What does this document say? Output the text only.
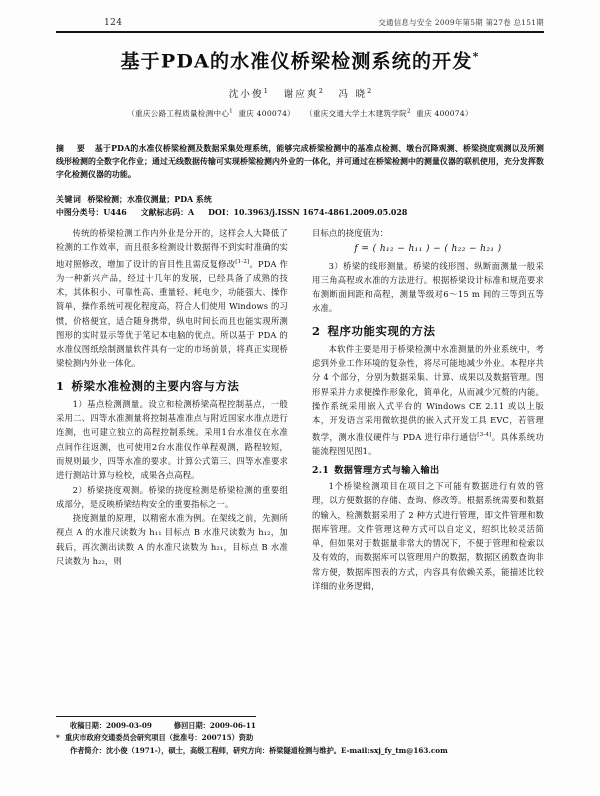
124	交通信息与安全 2009年第5期 第27卷 总151期
基于PDA的水准仪桥梁检测系统的开发*
沈小俊$^1$ 谢应爽$^2$ 冯 晓$^2$
（重庆公路工程质量检测中心$^1$ 重庆 400074） （重庆交通大学土木建筑学院$^2$ 重庆 400074）

摘 要 基于PDA的水准仪桥梁检测及数据采集处理系统，能够完成桥梁检测中的基准点检测、墩台沉降观测、桥梁挠度观测以及所测线形检测的全数字化作业；通过无线数据传输可实现桥梁检测内外业的一体化，并可通过在桥梁检测中的测量仪器的联机使用，充分发挥数字化检测仪器的功能。

关键词 桥梁检测；水准仪测量；PDA 系统
中图分类号：U446 文献标志码：A DOI：10.3963/j.ISSN 1674-4861.2009.05.028

传统的桥梁检测工作内外业是分开的，这样会人大降低了检测的工作效率，而且很多检测设计数据得不到实时准确的实地对照修改，增加了设计的盲目性且需反复修改[1-2]。PDA 作为一种新兴产品，经过十几年的发展，已经具备了成熟的技术，其体积小、可靠性高、重量轻、耗电少，功能强大、操作简单，操作系统可视化程度高，符合人们使用 Windows 的习惯，价格便宜，适合随身携带，纵电时间长而且也能实现所测图形的实时显示等优于笔记本电脑的优点。所以基于 PDA 的水准仪图纸绘制测量软件具有一定的市场前景，将真正实现桥梁检测内外业一体化。

1 桥梁水准检测的主要内容与方法

1）基点检测测量。设立和检测桥梁高程控制基点，一般采用二、四等水准测量将控制基准准点与附近国家水准点进行连测，也可建立独立的高程控制系统。采用1台水准仪在水准点间作往返测，也可使用2台水准仪作单程观测，路程较短，而规则最少，四等水准的要求。计算公式第三、四等水准要求进行测站计算与检校，成果各点高程。

2）桥梁挠度观测。桥梁的挠度检测是桥梁检测的重要组成部分，是反映桥梁结构安全的重要指标之一。

挠度测量的原理，以精密水准为例。在架线之前，先测所视点 A 的水准尺读数为 h₁₁ 目标点 B 水准尺读数为 h₁₂，加载后，再次测出读数 A 的水准尺读数为 h₂₁，目标点 B 水准尺读数为 h₂₂，则

目标点的挠度值为：

f = ( h₁₂ − h₁₁ ) − ( h₂₂ − h₂₁ )

3）桥梁的线形测量。桥梁的线形图、纵断面测量一般采用三角高程或水准的方法进行。根据桥梁设计标准和规范要求布测断面间距和高程，测量等级对6～15 m 间的三等到五等水准。

2 程序功能实现的方法

本软件主要是用于桥梁检测中水准测量的外业系统中，考虑到外业工作环境的复杂性，将尽可能地减少外业。本程序共分 4 个部分，分别为数据采集、计算、成果以及数据管理。图形界采并力求便操作形象化，简单化，从而减少冗赘的内能。操作系统采用嵌入式平台的 Windows CE 2.11 或以上版本，开发语言采用微软提供的嵌入式开发工具 EVC，若管理数学，测水准仪硬件与 PDA 进行串行通信[3-4]。具体系统功能流程图见图1。

2.1 数据管理方式与输入输出

1个桥梁检测项目在项目之下可能有数据进行有效的管理，以方便数据的存储、查询、修改等。根据系统需要和数据的输入，检测数据采用了 2 种方式进行管理，即文件管理和数据库管理。文件管理这种方式可以自定义，绍织比较灵活简单，但如果对于数据量非常大的情况下，不便于管理和检索以及有效的，而数据库可以管理用户的数据，数据区函数查询非常方便，数据库图表的方式，内容具有依赖关系，能描述比较详细的业务逻辑，

收稿日期：2009-03-09	修回日期：2009-06-11
* 重庆市政府交通委员会研究项目（批准号：200715）资助
作者简介：沈小俊（1971-），硕士，高级工程师，研究方向：桥梁隧道检测与维护。E-mail:sxj_fy_tm@163.com
